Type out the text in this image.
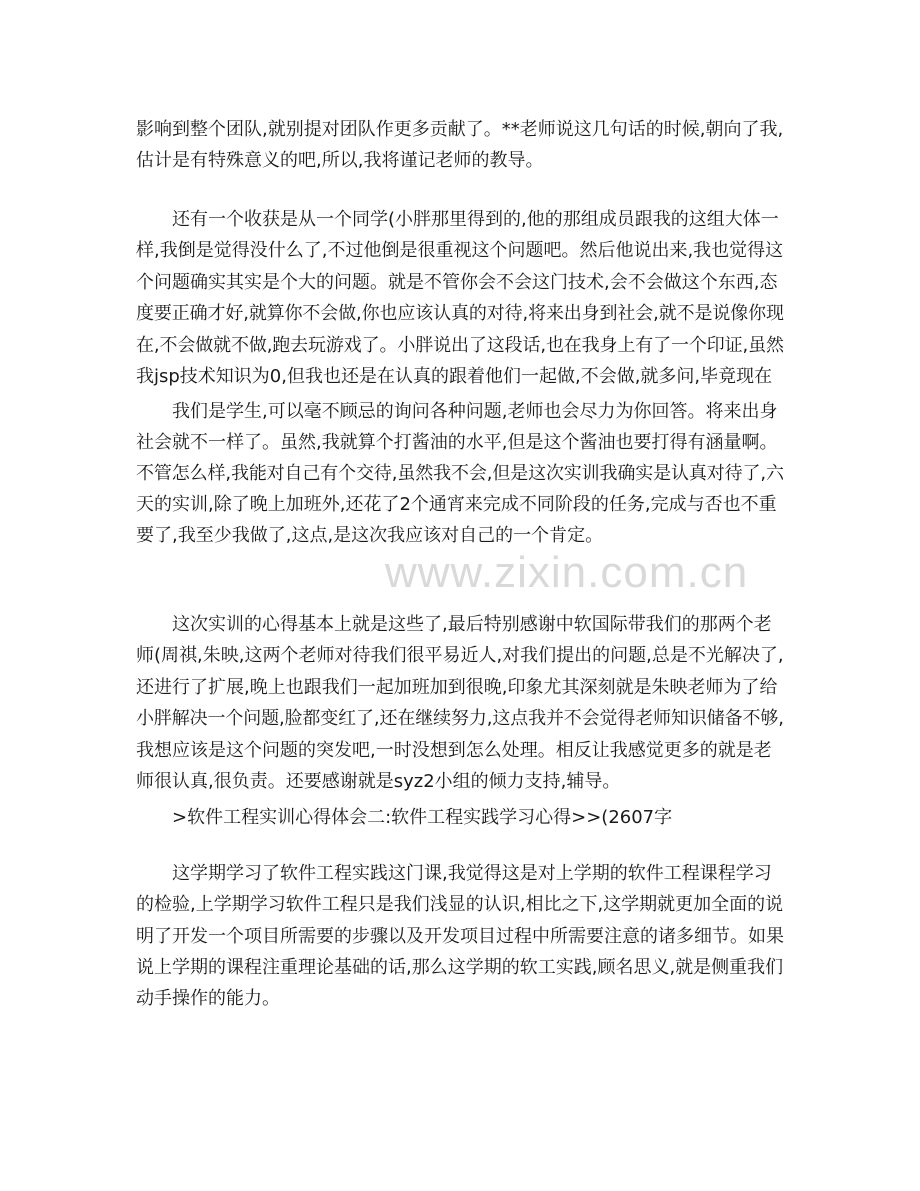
www.zixin.com.cn
影响到整个团队,就别提对团队作更多贡献了。**老师说这几句话的时候,朝向了我,
估计是有特殊意义的吧,所以,我将谨记老师的教导。
还有一个收获是从一个同学(小胖那里得到的,他的那组成员跟我的这组大体一
样,我倒是觉得没什么了,不过他倒是很重视这个问题吧。然后他说出来,我也觉得这
个问题确实其实是个大的问题。就是不管你会不会这门技术,会不会做这个东西,态
度要正确才好,就算你不会做,你也应该认真的对待,将来出身到社会,就不是说像你现
在,不会做就不做,跑去玩游戏了。小胖说出了这段话,也在我身上有了一个印证,虽然
我jsp技术知识为0,但我也还是在认真的跟着他们一起做,不会做,就多问,毕竟现在
我们是学生,可以毫不顾忌的询问各种问题,老师也会尽力为你回答。将来出身
社会就不一样了。虽然,我就算个打酱油的水平,但是这个酱油也要打得有涵量啊。
不管怎么样,我能对自己有个交待,虽然我不会,但是这次实训我确实是认真对待了,六
天的实训,除了晚上加班外,还花了2个通宵来完成不同阶段的任务,完成与否也不重
要了,我至少我做了,这点,是这次我应该对自己的一个肯定。
这次实训的心得基本上就是这些了,最后特别感谢中软国际带我们的那两个老
师(周祺,朱映,这两个老师对待我们很平易近人,对我们提出的问题,总是不光解决了,
还进行了扩展,晚上也跟我们一起加班加到很晚,印象尤其深刻就是朱映老师为了给
小胖解决一个问题,脸都变红了,还在继续努力,这点我并不会觉得老师知识储备不够,
我想应该是这个问题的突发吧,一时没想到怎么处理。相反让我感觉更多的就是老
师很认真,很负责。还要感谢就是syz2小组的倾力支持,辅导。
>软件工程实训心得体会二:软件工程实践学习心得>>(2607字
这学期学习了软件工程实践这门课,我觉得这是对上学期的软件工程课程学习
的检验,上学期学习软件工程只是我们浅显的认识,相比之下,这学期就更加全面的说
明了开发一个项目所需要的步骤以及开发项目过程中所需要注意的诸多细节。如果
说上学期的课程注重理论基础的话,那么这学期的软工实践,顾名思义,就是侧重我们
动手操作的能力。
